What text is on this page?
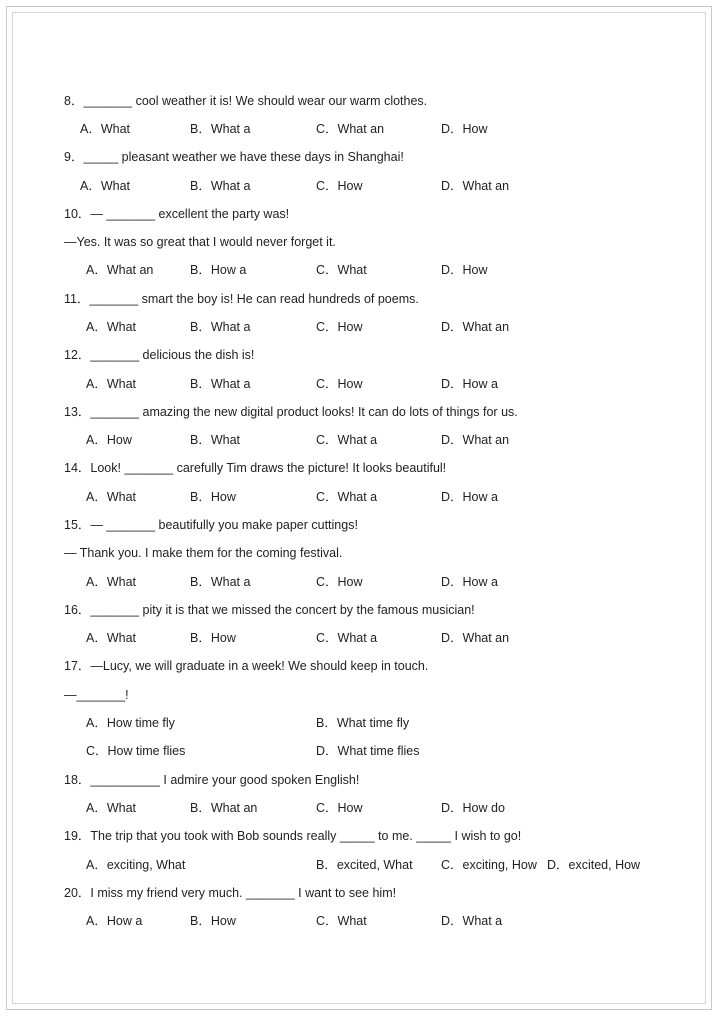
8．_______ cool weather it is! We should wear our warm clothes.
A．What	B．What a	C．What an	D．How
9．_____ pleasant weather we have these days in Shanghai!
A．What	B．What a	C．How	D．What an
10．— _______ excellent the party was!
—Yes. It was so great that I would never forget it.
A．What an	B．How a	C．What	D．How
11．_______ smart the boy is! He can read hundreds of poems.
A．What	B．What a	C．How	D．What an
12．_______ delicious the dish is!
A．What	B．What a	C．How	D．How a
13．_______ amazing the new digital product looks! It can do lots of things for us.
A．How	B．What	C．What a	D．What an
14．Look! _______ carefully Tim draws the picture! It looks beautiful!
A．What	B．How	C．What a	D．How a
15．— _______ beautifully you make paper cuttings!
— Thank you. I make them for the coming festival.
A．What	B．What a	C．How	D．How a
16．_______ pity it is that we missed the concert by the famous musician!
A．What	B．How	C．What a	D．What an
17．—Lucy, we will graduate in a week! We should keep in touch.
—_______!
A．How time fly	B．What time fly
C．How time flies	D．What time flies
18．__________ I admire your good spoken English!
A．What	B．What an	C．How	D．How do
19．The trip that you took with Bob sounds really _____ to me. _____ I wish to go!
A．exciting, What	B．excited, What C．exciting, How D．excited, How
20．I miss my friend very much. _______ I want to see him!
A．How a	B．How	C．What	D．What a
